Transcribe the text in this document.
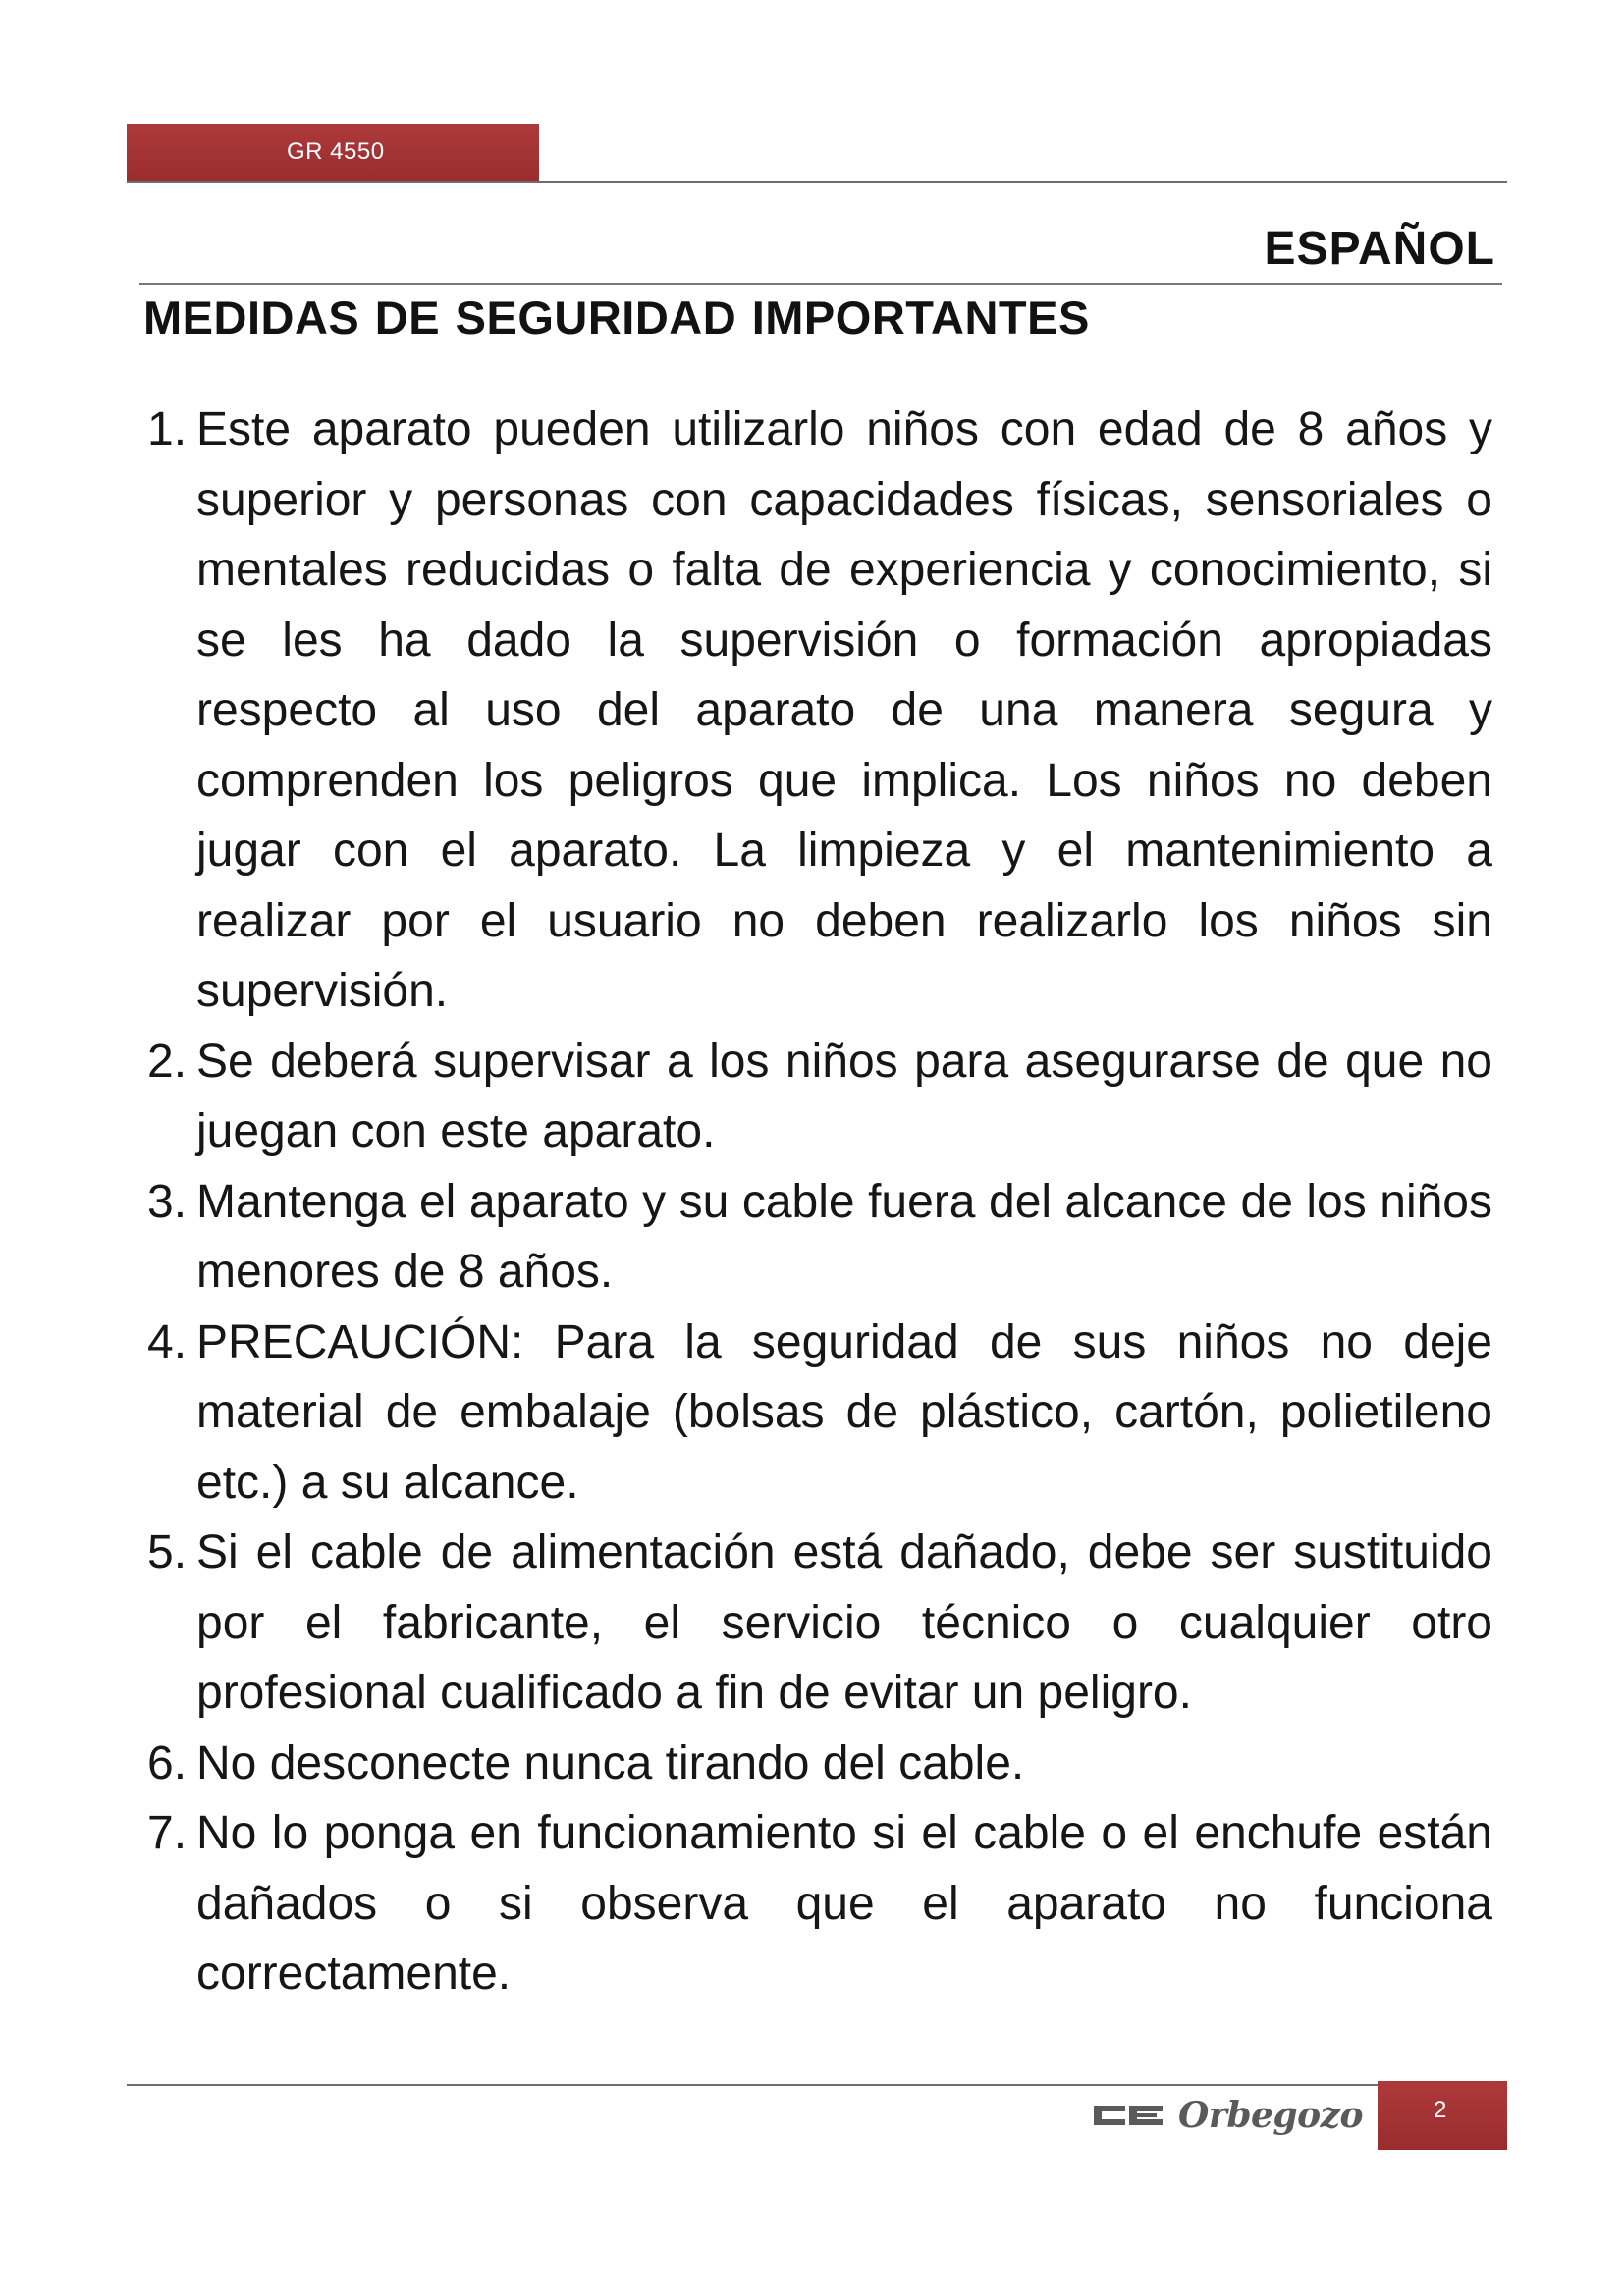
GR 4550
ESPAÑOL
MEDIDAS DE SEGURIDAD IMPORTANTES
1. Este aparato pueden utilizarlo niños con edad de 8 años y superior y personas con capacidades físicas, sensoriales o mentales reducidas o falta de experiencia y conocimiento, si se les ha dado la supervisión o formación apropiadas respecto al uso del aparato de una manera segura y comprenden los peligros que implica. Los niños no deben jugar con el aparato. La limpieza y el mantenimiento a realizar por el usuario no deben realizarlo los niños sin supervisión.
2. Se deberá supervisar a los niños para asegurarse de que no juegan con este aparato.
3. Mantenga el aparato y su cable fuera del alcance de los niños menores de 8 años.
4. PRECAUCIÓN: Para la seguridad de sus niños no deje material de embalaje (bolsas de plástico, cartón, polietileno etc.) a su alcance.
5. Si el cable de alimentación está dañado, debe ser sustituido por el fabricante, el servicio técnico o cualquier otro profesional cualificado a fin de evitar un peligro.
6. No desconecte nunca tirando del cable.
7. No lo ponga en funcionamiento si el cable o el enchufe están dañados o si observa que el aparato no funciona correctamente.
Orbegozo	2
